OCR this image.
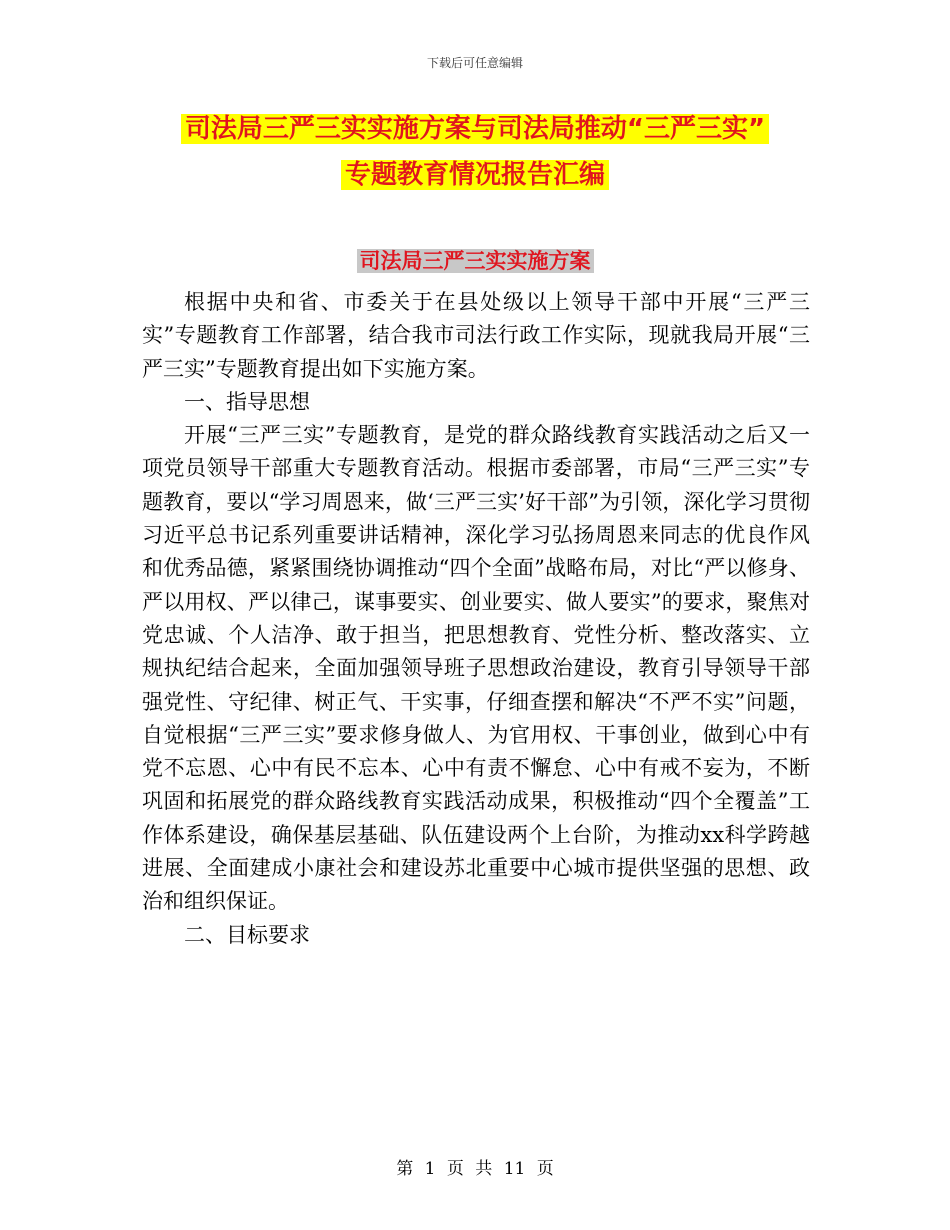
下载后可任意编辑
司法局三严三实实施方案与司法局推动“三严三实”
专题教育情况报告汇编
司法局三严三实实施方案

根据中央和省、市委关于在县处级以上领导干部中开展“三严三实”专题教育工作部署，结合我市司法行政工作实际，现就我局开展“三严三实”专题教育提出如下实施方案。

一、指导思想

开展“三严三实”专题教育，是党的群众路线教育实践活动之后又一项党员领导干部重大专题教育活动。根据市委部署，市局“三严三实”专题教育，要以“学习周恩来，做‘三严三实’好干部”为引领，深化学习贯彻习近平总书记系列重要讲话精神，深化学习弘扬周恩来同志的优良作风和优秀品德，紧紧围绕协调推动“四个全面”战略布局，对比“严以修身、严以用权、严以律己，谋事要实、创业要实、做人要实”的要求，聚焦对党忠诚、个人洁净、敢于担当，把思想教育、党性分析、整改落实、立规执纪结合起来，全面加强领导班子思想政治建设，教育引导领导干部强党性、守纪律、树正气、干实事，仔细查摆和解决“不严不实”问题，自觉根据“三严三实”要求修身做人、为官用权、干事创业，做到心中有党不忘恩、心中有民不忘本、心中有责不懈怠、心中有戒不妄为，不断巩固和拓展党的群众路线教育实践活动成果，积极推动“四个全覆盖”工作体系建设，确保基层基础、队伍建设两个上台阶，为推动xx科学跨越进展、全面建成小康社会和建设苏北重要中心城市提供坚强的思想、政治和组织保证。

二、目标要求

第 1 页 共 11 页
